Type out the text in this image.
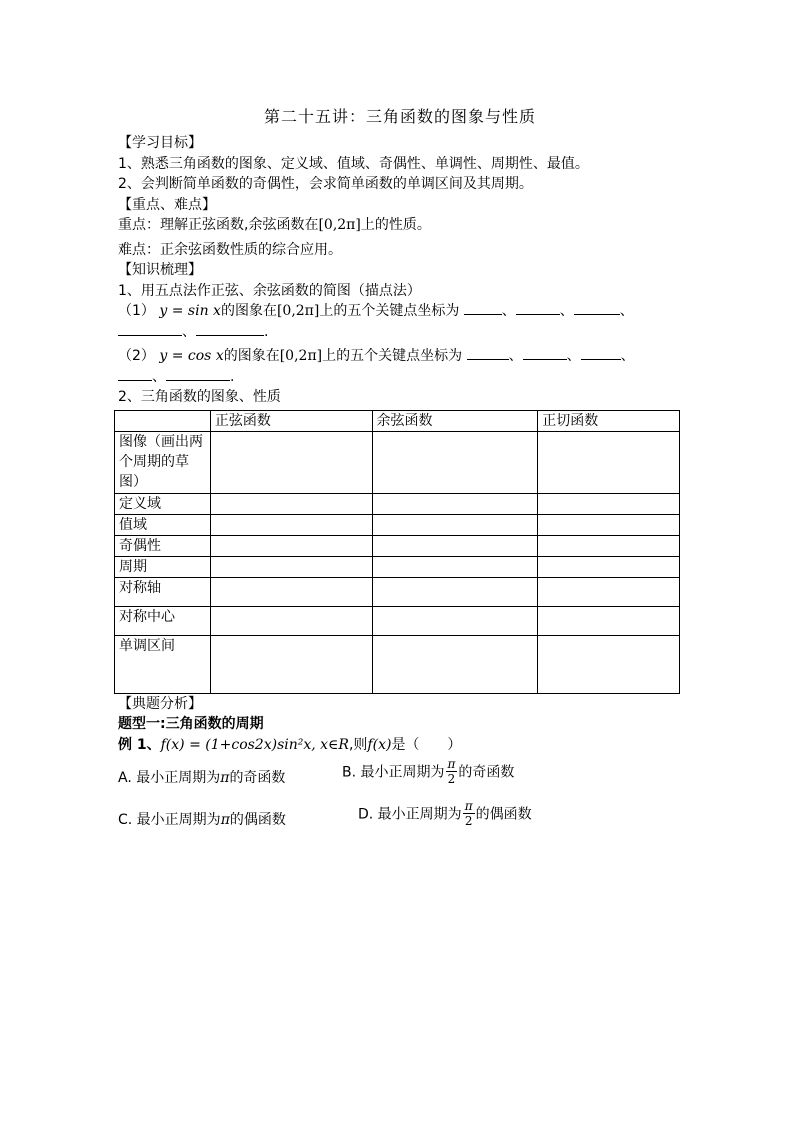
第二十五讲：三角函数的图象与性质
【学习目标】
1、熟悉三角函数的图象、定义域、值域、奇偶性、单调性、周期性、最值。
2、会判断简单函数的奇偶性，会求简单函数的单调区间及其周期。
【重点、难点】
重点：理解正弦函数,余弦函数在[0,2π]上的性质。
难点：正余弦函数性质的综合应用。
【知识梳理】
1、用五点法作正弦、余弦函数的简图（描点法）
（1） y = sin x的图象在[0,2π]上的五个关键点坐标为	、	、	、
、	.
（2） y = cos x的图象在[0,2π]上的五个关键点坐标为	、	、	、
、	.
2、三角函数的图象、性质
	正弦函数	余弦函数	正切函数
图像（画出两个周期的草图）			
定义域			
值域			
奇偶性			
周期			
对称轴			
对称中心			
单调区间			
【典题分析】
题型一:三角函数的周期
例 1、f(x) = (1+cos2x)sin²x, x∈R,则f(x)是（　　）
A. 最小正周期为π的奇函数	B. 最小正周期为 $\frac{\pi}{2}$ 的奇函数
C. 最小正周期为π的偶函数	D. 最小正周期为 $\frac{\pi}{2}$ 的偶函数
